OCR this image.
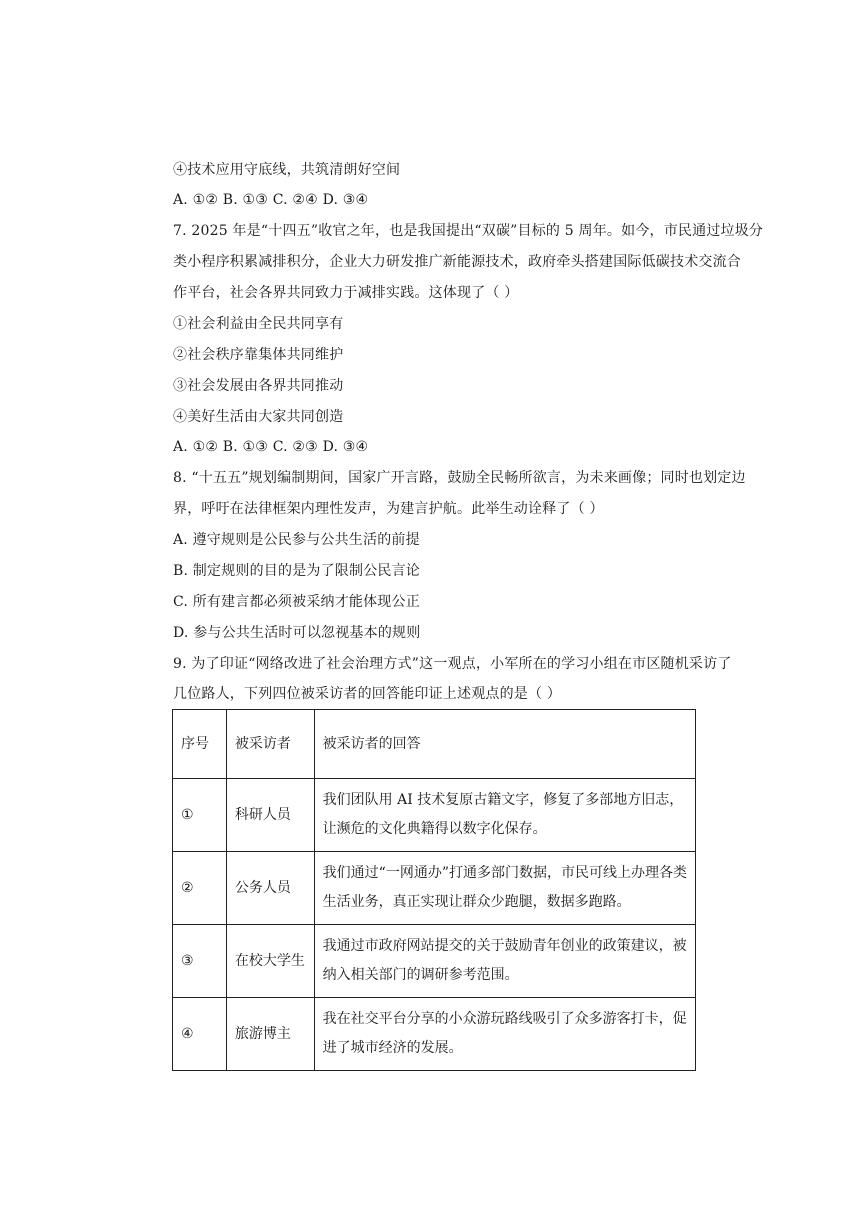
④技术应用守底线，共筑清朗好空间
A. ①② B. ①③ C. ②④ D. ③④
7. 2025 年是“十四五”收官之年，也是我国提出“双碳”目标的 5 周年。如今，市民通过垃圾分
类小程序积累减排积分，企业大力研发推广新能源技术，政府牵头搭建国际低碳技术交流合
作平台，社会各界共同致力于减排实践。这体现了（ ）
①社会利益由全民共同享有
②社会秩序靠集体共同维护
③社会发展由各界共同推动
④美好生活由大家共同创造
A. ①② B. ①③ C. ②③ D. ③④
8. “十五五”规划编制期间，国家广开言路，鼓励全民畅所欲言，为未来画像；同时也划定边
界，呼吁在法律框架内理性发声，为建言护航。此举生动诠释了（ ）
A. 遵守规则是公民参与公共生活的前提
B. 制定规则的目的是为了限制公民言论
C. 所有建言都必须被采纳才能体现公正
D. 参与公共生活时可以忽视基本的规则
9. 为了印证“网络改进了社会治理方式”这一观点，小军所在的学习小组在市区随机采访了
几位路人，下列四位被采访者的回答能印证上述观点的是（ ）
序号	被采访者	被采访者的回答
①	科研人员	我们团队用 AI 技术复原古籍文字，修复了多部地方旧志，
让濒危的文化典籍得以数字化保存。

②	公务人员	我们通过“一网通办”打通多部门数据，市民可线上办理各类
生活业务，真正实现让群众少跑腿，数据多跑路。

③	在校大学生	我通过市政府网站提交的关于鼓励青年创业的政策建议，被
纳入相关部门的调研参考范围。

④	旅游博主	我在社交平台分享的小众游玩路线吸引了众多游客打卡，促
进了城市经济的发展。
